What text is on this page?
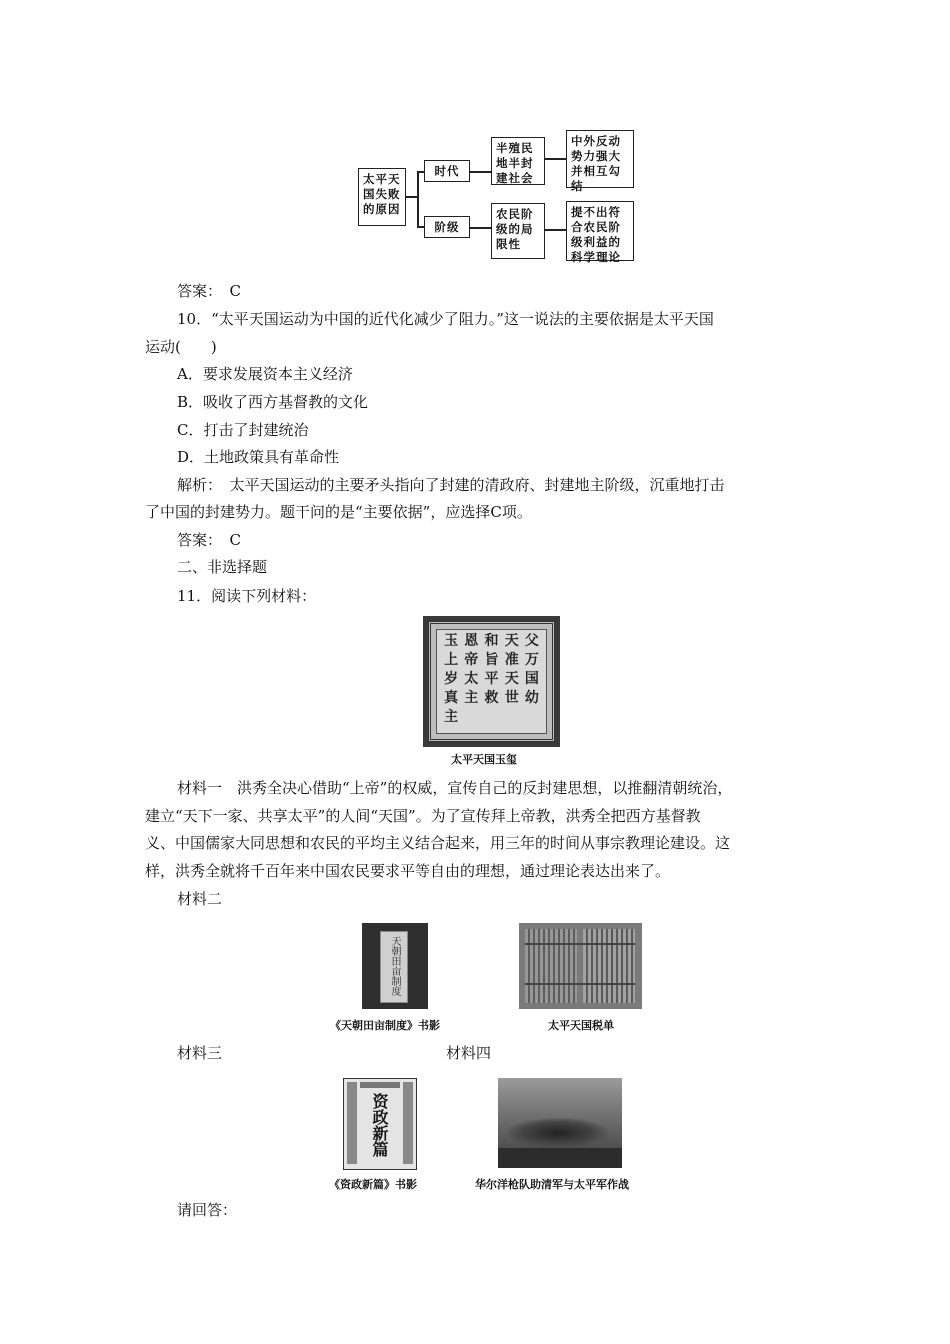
太平天国失败的原因
时代
阶级
半殖民地半封建社会
农民阶级的局限性
中外反动势力强大并相互勾结
提不出符合农民阶级利益的科学理论
答案：　C
10．“太平天国运动为中国的近代化减少了阻力。”这一说法的主要依据是太平天国
运动(　　)
A．要求发展资本主义经济
B．吸收了西方基督教的文化
C．打击了封建统治
D．土地政策具有革命性
解析：　太平天国运动的主要矛头指向了封建的清政府、封建地主阶级，沉重地打击
了中国的封建势力。题干问的是“主要依据”，应选择C项。
答案：　C
二、非选择题
11．阅读下列材料：
玉 恩 和 天 父
上 帝 旨 准 万
岁 太 平 天 国
真 主 救 世 幼
主
太平天国玉玺
材料一　洪秀全决心借助“上帝”的权威，宣传自己的反封建思想，以推翻清朝统治，
建立“天下一家、共享太平”的人间“天国”。为了宣传拜上帝教，洪秀全把西方基督教
义、中国儒家大同思想和农民的平均主义结合起来，用三年的时间从事宗教理论建设。这
样，洪秀全就将千百年来中国农民要求平等自由的理想，通过理论表达出来了。
材料二
天朝田亩制度
《天朝田亩制度》书影	太平天国税单
材料三	材料四
资政新篇
《资政新篇》书影	华尔洋枪队助清军与太平军作战
请回答：
